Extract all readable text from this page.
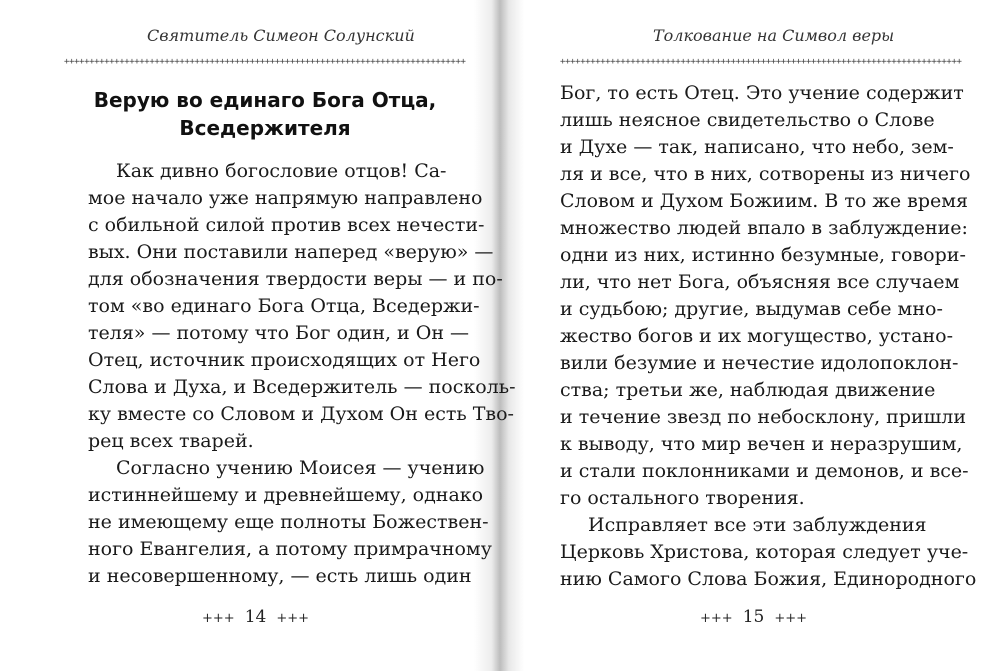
Святитель Симеон Солунский
++++++++++++++++++++++++++++++++++++++++++++++++++++++++++++++++++++++++++++++++
Верую во единаго Бога Отца,
Вседержителя
Как дивно богословие отцов! Са-
мое начало уже напрямую направлено
с обильной силой против всех нечести-
вых. Они поставили наперед «верую» —
для обозначения твердости веры — и по-
том «во единаго Бога Отца, Вседержи-
теля» — потому что Бог один, и Он —
Отец, источник происходящих от Него
Слова и Духа, и Вседержитель — посколь-
ку вместе со Словом и Духом Он есть Тво-
рец всех тварей.
Согласно учению Моисея — учению
истиннейшему и древнейшему, однако
не имеющему еще полноты Божествен-
ного Евангелия, а потому примрачному
и несовершенному, — есть лишь один
+++ 14 +++
Толкование на Символ веры
++++++++++++++++++++++++++++++++++++++++++++++++++++++++++++++++++++++++++++++++
Бог, то есть Отец. Это учение содержит
лишь неясное свидетельство о Слове
и Духе — так, написано, что небо, зем-
ля и все, что в них, сотворены из ничего
Словом и Духом Божиим. В то же время
множество людей впало в заблуждение:
одни из них, истинно безумные, говори-
ли, что нет Бога, объясняя все случаем
и судьбою; другие, выдумав себе мно-
жество богов и их могущество, устано-
вили безумие и нечестие идолопоклон-
ства; третьи же, наблюдая движение
и течение звезд по небосклону, пришли
к выводу, что мир вечен и неразрушим,
и стали поклонниками и демонов, и все-
го остального творения.
Исправляет все эти заблуждения
Церковь Христова, которая следует уче-
нию Самого Слова Божия, Единородного
+++ 15 +++
